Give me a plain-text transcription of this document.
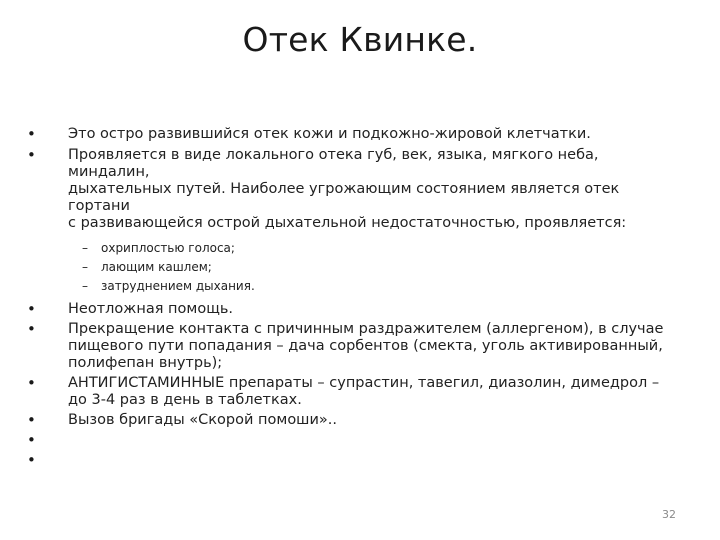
Отек Квинке.
• Это остро развившийся отек кожи и подкожно-жировой клетчатки.
• Проявляется в виде локального отека губ, век, языка, мягкого неба, миндалин,
дыхательных путей. Наиболее угрожающим состоянием является отек гортани
с развивающейся острой дыхательной недостаточностью, проявляется:
– охриплостью голоса;
– лающим кашлем;
– затруднением дыхания.
• Неотложная помощь.
• Прекращение контакта с причинным раздражителем (аллергеном), в случае
пищевого пути попадания – дача сорбентов (смекта, уголь активированный,
полифепан внутрь);
• АНТИГИСТАМИННЫЕ препараты – супрастин, тавегил, диазолин, димедрол –
до 3-4 раз в день в таблетках.
• Вызов бригады «Скорой помоши»..
•
•
32
